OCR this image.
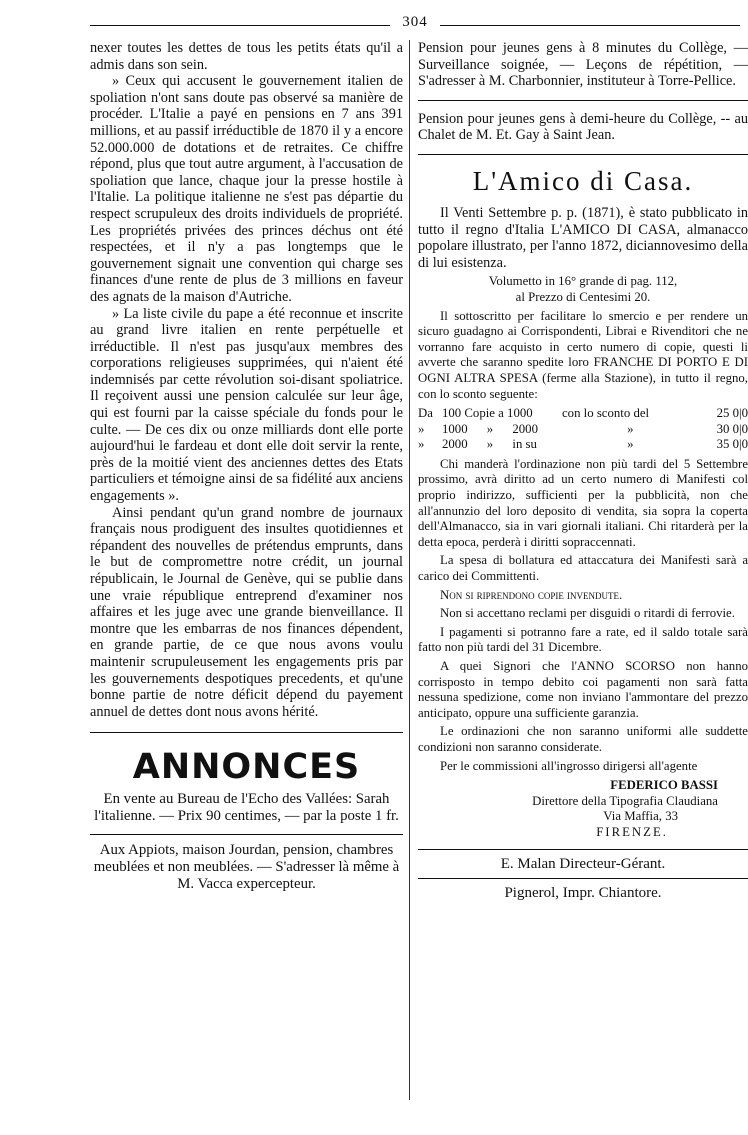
304

nexer toutes les dettes de tous les petits états qu'il a admis dans son sein.

» Ceux qui accusent le gouvernement italien de spoliation n'ont sans doute pas observé sa manière de procéder. L'Italie a payé en pensions en 7 ans 391 millions, et au passif irréductible de 1870 il y a encore 52.000.000 de dotations et de retraites. Ce chiffre répond, plus que tout autre argument, à l'accusation de spoliation que lance, chaque jour la presse hostile à l'Italie. La politique italienne ne s'est pas départie du respect scrupuleux des droits individuels de propriété. Les propriétés privées des princes déchus ont été respectées, et il n'y a pas longtemps que le gouvernement signait une convention qui charge ses finances d'une rente de plus de 3 millions en faveur des agnats de la maison d'Autriche.

» La liste civile du pape a été reconnue et inscrite au grand livre italien en rente perpétuelle et irréductible. Il n'est pas jusqu'aux membres des corporations religieuses supprimées, qui n'aient été indemnisés par cette révolution soi-disant spoliatrice. Il reçoivent aussi une pension calculée sur leur âge, qui est fourni par la caisse spéciale du fonds pour le culte. — De ces dix ou onze milliards dont elle porte aujourd'hui le fardeau et dont elle doit servir la rente, près de la moitié vient des anciennes dettes des Etats particuliers et témoigne ainsi de sa fidélité aux anciens engagements ».

Ainsi pendant qu'un grand nombre de journaux français nous prodiguent des insultes quotidiennes et répandent des nouvelles de prétendus emprunts, dans le but de compromettre notre crédit, un journal républicain, le Journal de Genève, qui se publie dans une vraie république entreprend d'examiner nos affaires et les juge avec une grande bienveillance. Il montre que les embarras de nos finances dépendent, en grande partie, de ce que nous avons voulu maintenir scrupuleusement les engagements pris par les gouvernements despotiques precedents, et qu'une bonne partie de notre déficit dépend du payement annuel de dettes dont nous avons hérité.

ANNONCES

En vente au Bureau de l'Echo des Vallées: Sarah l'italienne. — Prix 90 centimes, — par la poste 1 fr.

Aux Appiots, maison Jourdan, pension, chambres meublées et non meublées. — S'adresser là même à M. Vacca expercepteur.

Pension pour jeunes gens à 8 minutes du Collège, — Surveillance soignée, — Leçons de répétition, — S'adresser à M. Charbonnier, instituteur à Torre-Pellice.

Pension pour jeunes gens à demi-heure du Collège, -- au Chalet de M. Et. Gay à Saint Jean.

L'Amico di Casa.

Il Venti Settembre p. p. (1871), è stato pubblicato in tutto il regno d'Italia L'AMICO DI CASA, almanacco popolare illustrato, per l'anno 1872, diciannovesimo della di lui esistenza.

Volumetto in 16° grande di pag. 112,

al Prezzo di Centesimi 20.

Il sottoscritto per facilitare lo smercio e per rendere un sicuro guadagno ai Corrispondenti, Librai e Rivenditori che ne vorranno fare acquisto in certo numero di copie, questi li avverte che saranno spedite loro FRANCHE DI PORTO E DI OGNI ALTRA SPESA (ferme alla Stazione), in tutto il regno, con lo sconto seguente:

Da	100 Copie a 1000	con lo sconto del	25 0|0
»	1000      »      2000	»	30 0|0
»	2000      »      in su	»	35 0|0

Chi manderà l'ordinazione non più tardi del 5 Settembre prossimo, avrà diritto ad un certo numero di Manifesti col proprio indirizzo, sufficienti per la pubblicità, non che all'annunzio del loro deposito di vendita, sia sopra la coperta dell'Almanacco, sia in vari giornali italiani. Chi ritarderà per la detta epoca, perderà i diritti sopraccennati.

La spesa di bollatura ed attaccatura dei Manifesti sarà a carico dei Committenti.

Non si riprendono copie invendute.

Non si accettano reclami per disguidi o ritardi di ferrovie.

I pagamenti si potranno fare a rate, ed il saldo totale sarà fatto non più tardi del 31 Dicembre.

A quei Signori che l'ANNO SCORSO non hanno corrisposto in tempo debito coi pagamenti non sarà fatta nessuna spedizione, come non inviano l'ammontare del prezzo anticipato, oppure una sufficiente garanzia.

Le ordinazioni che non saranno uniformi alle suddette condizioni non saranno considerate.

Per le commissioni all'ingrosso dirigersi all'agente

FEDERICO BASSI

Direttore della Tipografia Claudiana

Via Maffia, 33

FIRENZE.

E. Malan Directeur-Gérant.

Pignerol, Impr. Chiantore.
